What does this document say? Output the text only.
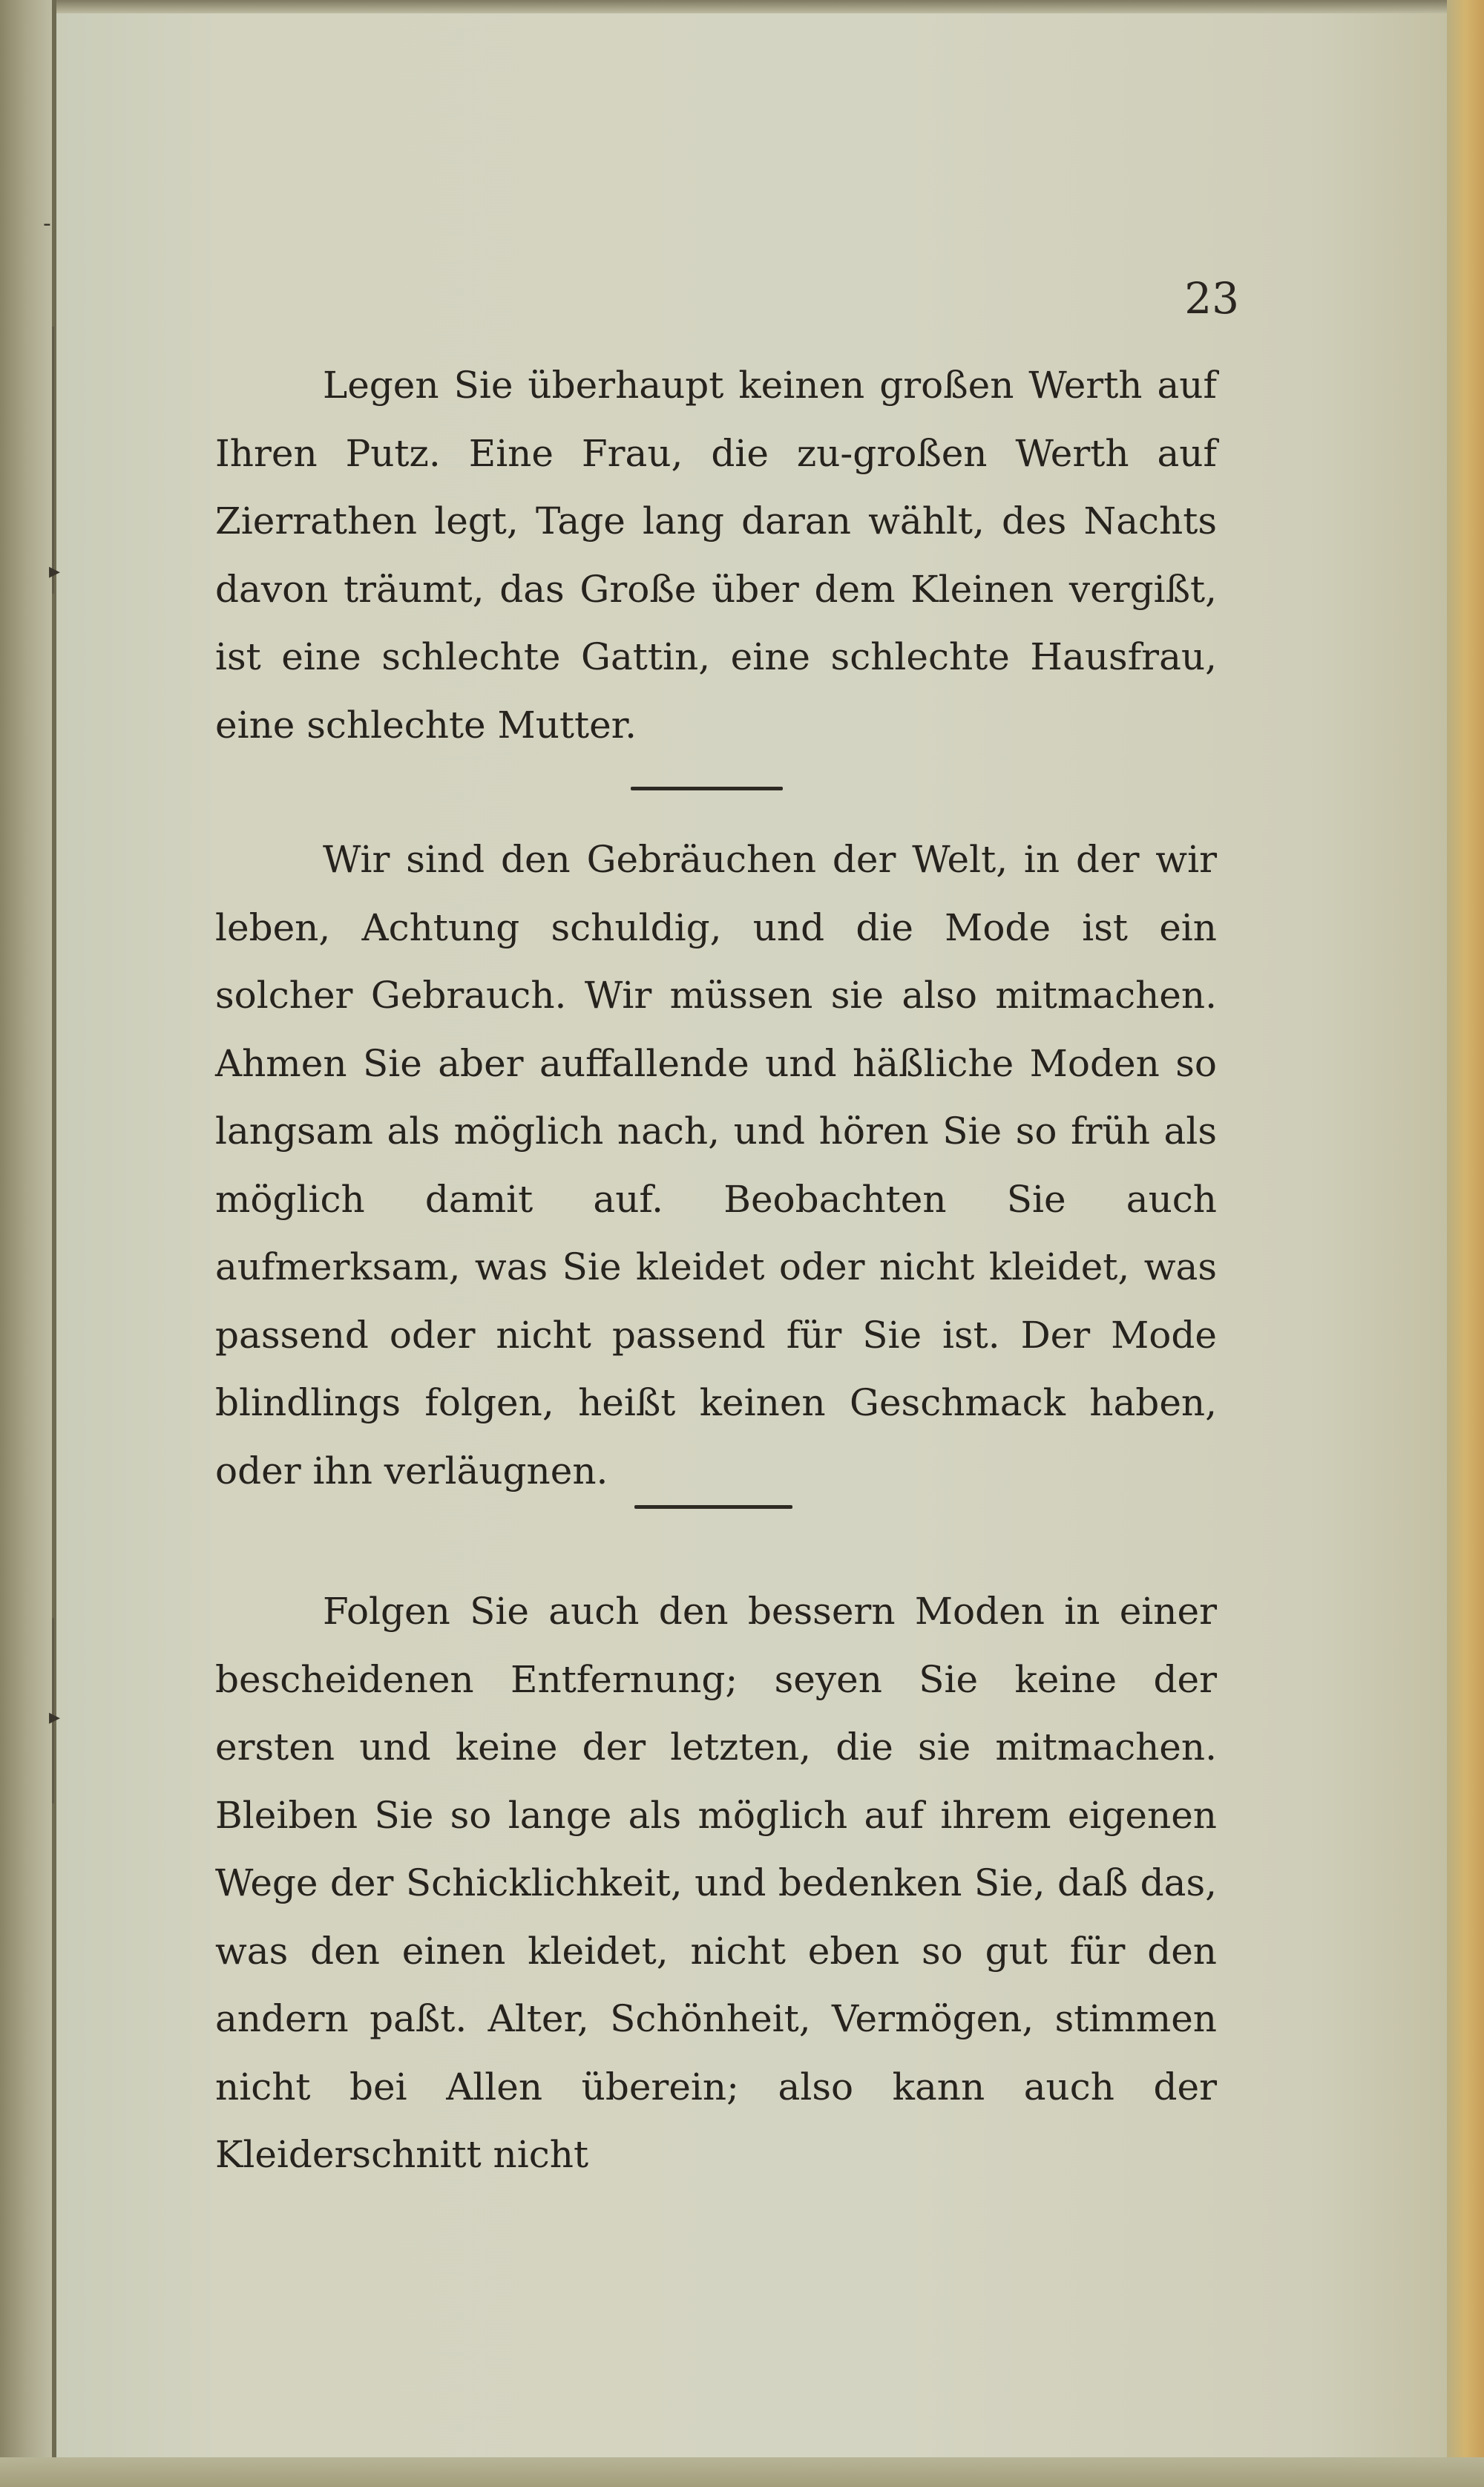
-
▸
▸
23

Legen Sie überhaupt keinen großen Werth auf Ihren Putz. Eine Frau, die zu-großen Werth auf Zierrathen legt, Tage lang daran wählt, des Nachts davon träumt, das Große über dem Kleinen vergißt, ist eine schlechte Gattin, eine schlechte Hausfrau, eine schlechte Mutter.

Wir sind den Gebräuchen der Welt, in der wir leben, Achtung schuldig, und die Mode ist ein solcher Gebrauch. Wir müssen sie also mitmachen. Ahmen Sie aber auffallende und häßliche Moden so langsam als möglich nach, und hören Sie so früh als möglich damit auf. Beobachten Sie auch aufmerksam, was Sie kleidet oder nicht kleidet, was passend oder nicht passend für Sie ist. Der Mode blindlings folgen, heißt keinen Geschmack haben, oder ihn verläugnen.

Folgen Sie auch den bessern Moden in einer bescheidenen Entfernung; seyen Sie keine der ersten und keine der letzten, die sie mitmachen. Bleiben Sie so lange als möglich auf ihrem eigenen Wege der Schicklichkeit, und bedenken Sie, daß das, was den einen kleidet, nicht eben so gut für den andern paßt. Alter, Schönheit, Vermögen, stimmen nicht bei Allen überein; also kann auch der Kleiderschnitt nicht
